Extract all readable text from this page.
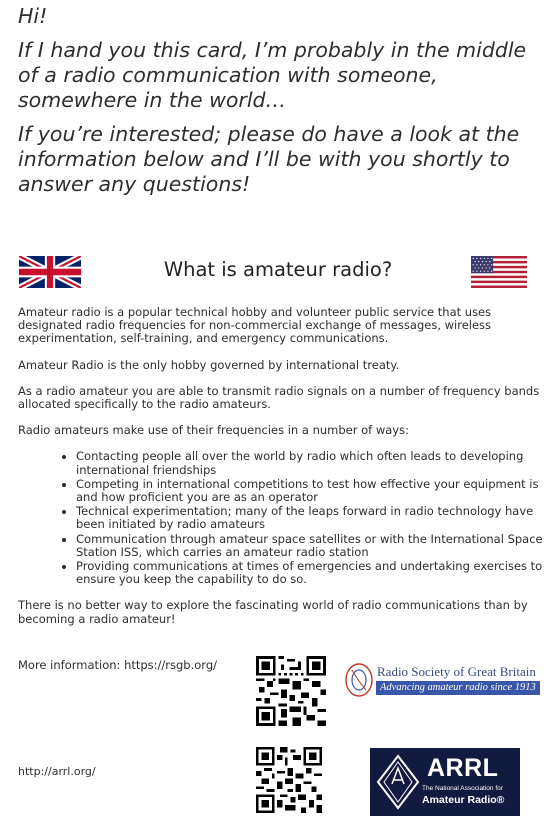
Hi!

If I hand you this card, I’m probably in the middle of a radio communication with someone, somewhere in the world…

If you’re interested; please do have a look at the information below and I’ll be with you shortly to answer any questions!

What is amateur radio?

Amateur radio is a popular technical hobby and volunteer public service that uses designated radio frequencies for non-commercial exchange of messages, wireless experimentation, self-training, and emergency communications.

Amateur Radio is the only hobby governed by international treaty.

As a radio amateur you are able to transmit radio signals on a number of frequency bands allocated specifically to the radio amateurs.

Radio amateurs make use of their frequencies in a number of ways:

• Contacting people all over the world by radio which often leads to developing international friendships
• Competing in international competitions to test how effective your equipment is and how proficient you are as an operator
• Technical experimentation; many of the leaps forward in radio technology have been initiated by radio amateurs
• Communication through amateur space satellites or with the International Space Station ISS, which carries an amateur radio station
• Providing communications at times of emergencies and undertaking exercises to ensure you keep the capability to do so.

There is no better way to explore the fascinating world of radio communications than by becoming a radio amateur!

More information: https://rsgb.org/	Radio Society of Great Britain
Advancing amateur radio since 1913
http://arrl.org/	ARRL
The National Association for
Amateur Radio®
